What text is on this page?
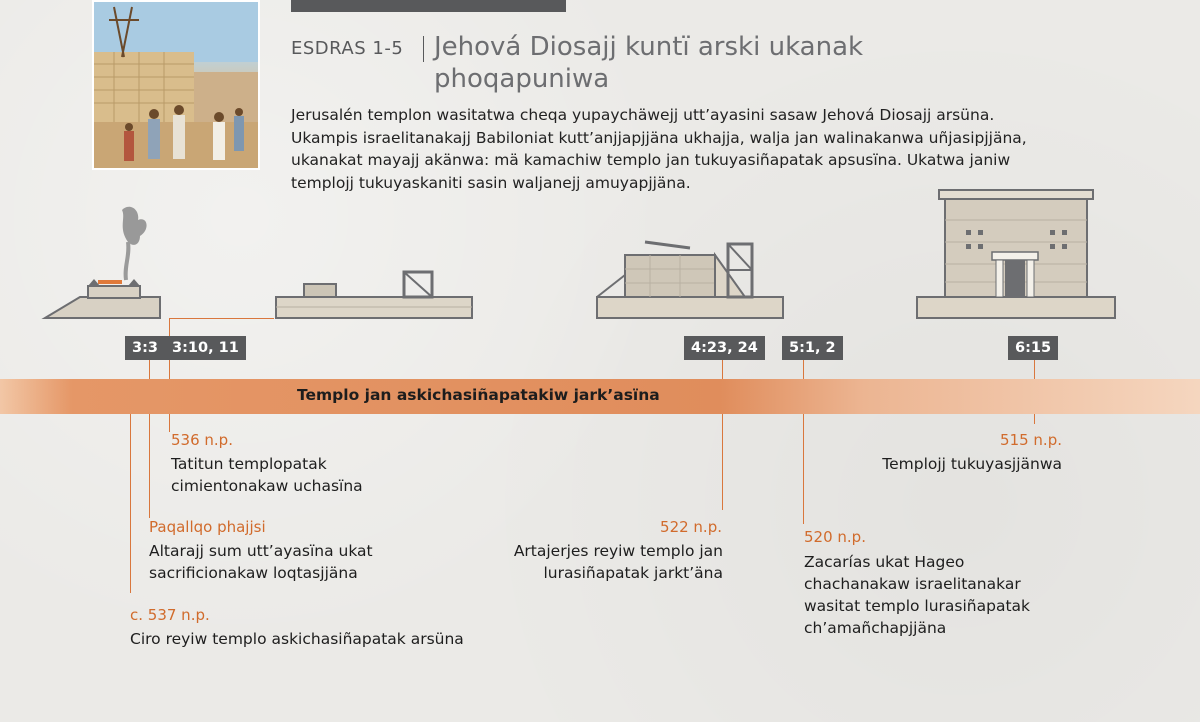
ESDRAS 1-5 Jehová Diosajj kuntï arski ukanak phoqapuniwa
Jerusalén templon wasitatwa cheqa yupaychäwejj utt’ayasini sasaw Jehová Diosajj arsüna. Ukampis israelitanakajj Babiloniat kutt’anjjapjjäna ukhajja, walja jan walinakanwa uñjasipjjäna, ukanakat mayajj akänwa: mä kamachiw templo jan tukuyasiñapatak apsusïna. Ukatwa janiw templojj tukuyaskaniti sasin waljanejj amuyapjjäna.
3:3 3:10, 11	4:23, 24	5:1, 2	6:15
Templo jan askichasiñapatakiw jark’asïna
536 n.p.
Tatitun templopatak cimientonakaw uchasïna
Paqallqo phajjsi
Altarajj sum utt’ayasïna ukat sacrificionakaw loqtasjjäna
c. 537 n.p.
Ciro reyiw templo askichasiñapatak arsüna
522 n.p.
Artajerjes reyiw templo jan lurasiñapatak jarkt’äna
520 n.p.
Zacarías ukat Hageo chachanakaw israelitanakar wasitat templo lurasiñapatak ch’amañchapjjäna
515 n.p.
Templojj tukuyasjjänwa
